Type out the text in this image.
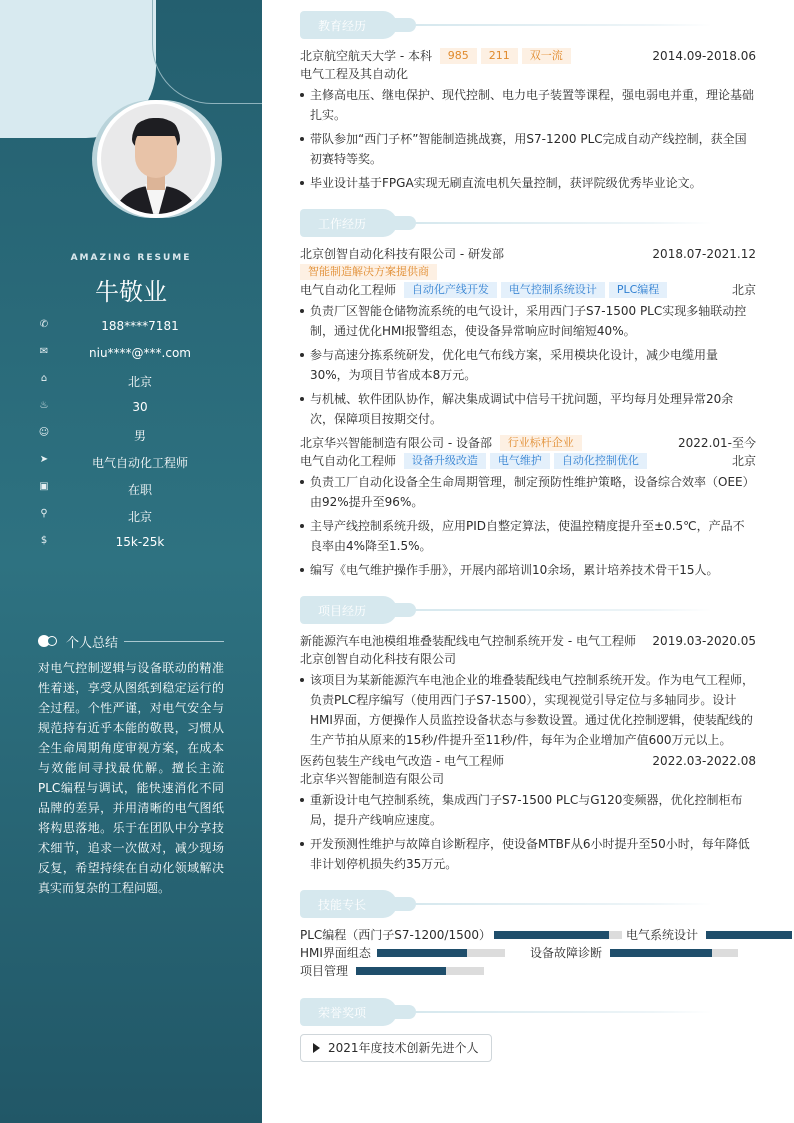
AMAZING RESUME
牛敬业
✆	188****7181
✉	niu****@***.com
⌂	北京
♨	30
☺	男
➤	电气自动化工程师
▣	在职
⚲	北京
$	15k-25k
个人总结
对电气控制逻辑与设备联动的精准性着迷，享受从图纸到稳定运行的全过程。个性严谨，对电气安全与规范持有近乎本能的敬畏，习惯从全生命周期角度审视方案，在成本与效能间寻找最优解。擅长主流PLC编程与调试，能快速消化不同品牌的差异，并用清晰的电气图纸将构思落地。乐于在团队中分享技术细节，追求一次做对，减少现场反复，希望持续在自动化领域解决真实而复杂的工程问题。
教育经历
工作经历
项目经历
技能专长
荣誉奖项
北京航空航天大学 - 本科 985 211 双一流	2014.09-2018.06
电气工程及其自动化
主修高电压、继电保护、现代控制、电力电子装置等课程，强电弱电并重，理论基础扎实。
带队参加“西门子杯”智能制造挑战赛，用S7-1200 PLC完成自动产线控制，获全国初赛特等奖。
毕业设计基于FPGA实现无刷直流电机矢量控制，获评院级优秀毕业论文。
北京创智自动化科技有限公司 - 研发部	2018.07-2021.12
智能制造解决方案提供商
电气自动化工程师 自动化产线开发 电气控制系统设计 PLC编程	北京
负责厂区智能仓储物流系统的电气设计，采用西门子S7-1500 PLC实现多轴联动控制，通过优化HMI报警组态，使设备异常响应时间缩短40%。
参与高速分拣系统研发，优化电气布线方案，采用模块化设计，减少电缆用量30%，为项目节省成本8万元。
与机械、软件团队协作，解决集成调试中信号干扰问题，平均每月处理异常20余次，保障项目按期交付。
北京华兴智能制造有限公司 - 设备部 行业标杆企业	2022.01-至今
电气自动化工程师 设备升级改造 电气维护 自动化控制优化	北京
负责工厂自动化设备全生命周期管理，制定预防性维护策略，设备综合效率（OEE）由92%提升至96%。
主导产线控制系统升级，应用PID自整定算法，使温控精度提升至±0.5℃，产品不良率由4%降至1.5%。
编写《电气维护操作手册》，开展内部培训10余场，累计培养技术骨干15人。
新能源汽车电池模组堆叠装配线电气控制系统开发 - 电气工程师 2019.03-2020.05
北京创智自动化科技有限公司
该项目为某新能源汽车电池企业的堆叠装配线电气控制系统开发。作为电气工程师，负责PLC程序编写（使用西门子S7-1500），实现视觉引导定位与多轴同步。设计HMI界面，方便操作人员监控设备状态与参数设置。通过优化控制逻辑，使装配线的生产节拍从原来的15秒/件提升至11秒/件，每年为企业增加产值600万元以上。
医药包装生产线电气改造 - 电气工程师	2022.03-2022.08
北京华兴智能制造有限公司
重新设计电气控制系统，集成西门子S7-1500 PLC与G120变频器，优化控制柜布局，提升产线响应速度。
开发预测性维护与故障自诊断程序，使设备MTBF从6小时提升至50小时，每年降低非计划停机损失约35万元。
PLC编程（西门子S7-1200/1500）	电气系统设计
HMI界面组态	设备故障诊断
项目管理
2021年度技术创新先进个人
